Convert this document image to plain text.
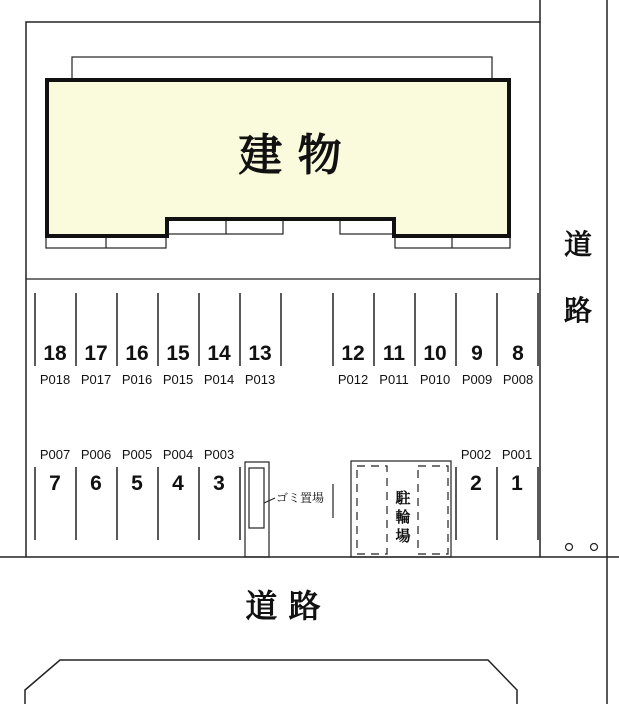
建 物
18
P018
17
P017
16
P016
15
P015
14
P014
13
P013
12
P012
11
P011
10
P010
9
P009
8
P008
P007
7
P006
6
P005
5
P004
4
P003
3
P002
2
P001
1
ゴミ置場	駐
輪
場
道 路
道
路
